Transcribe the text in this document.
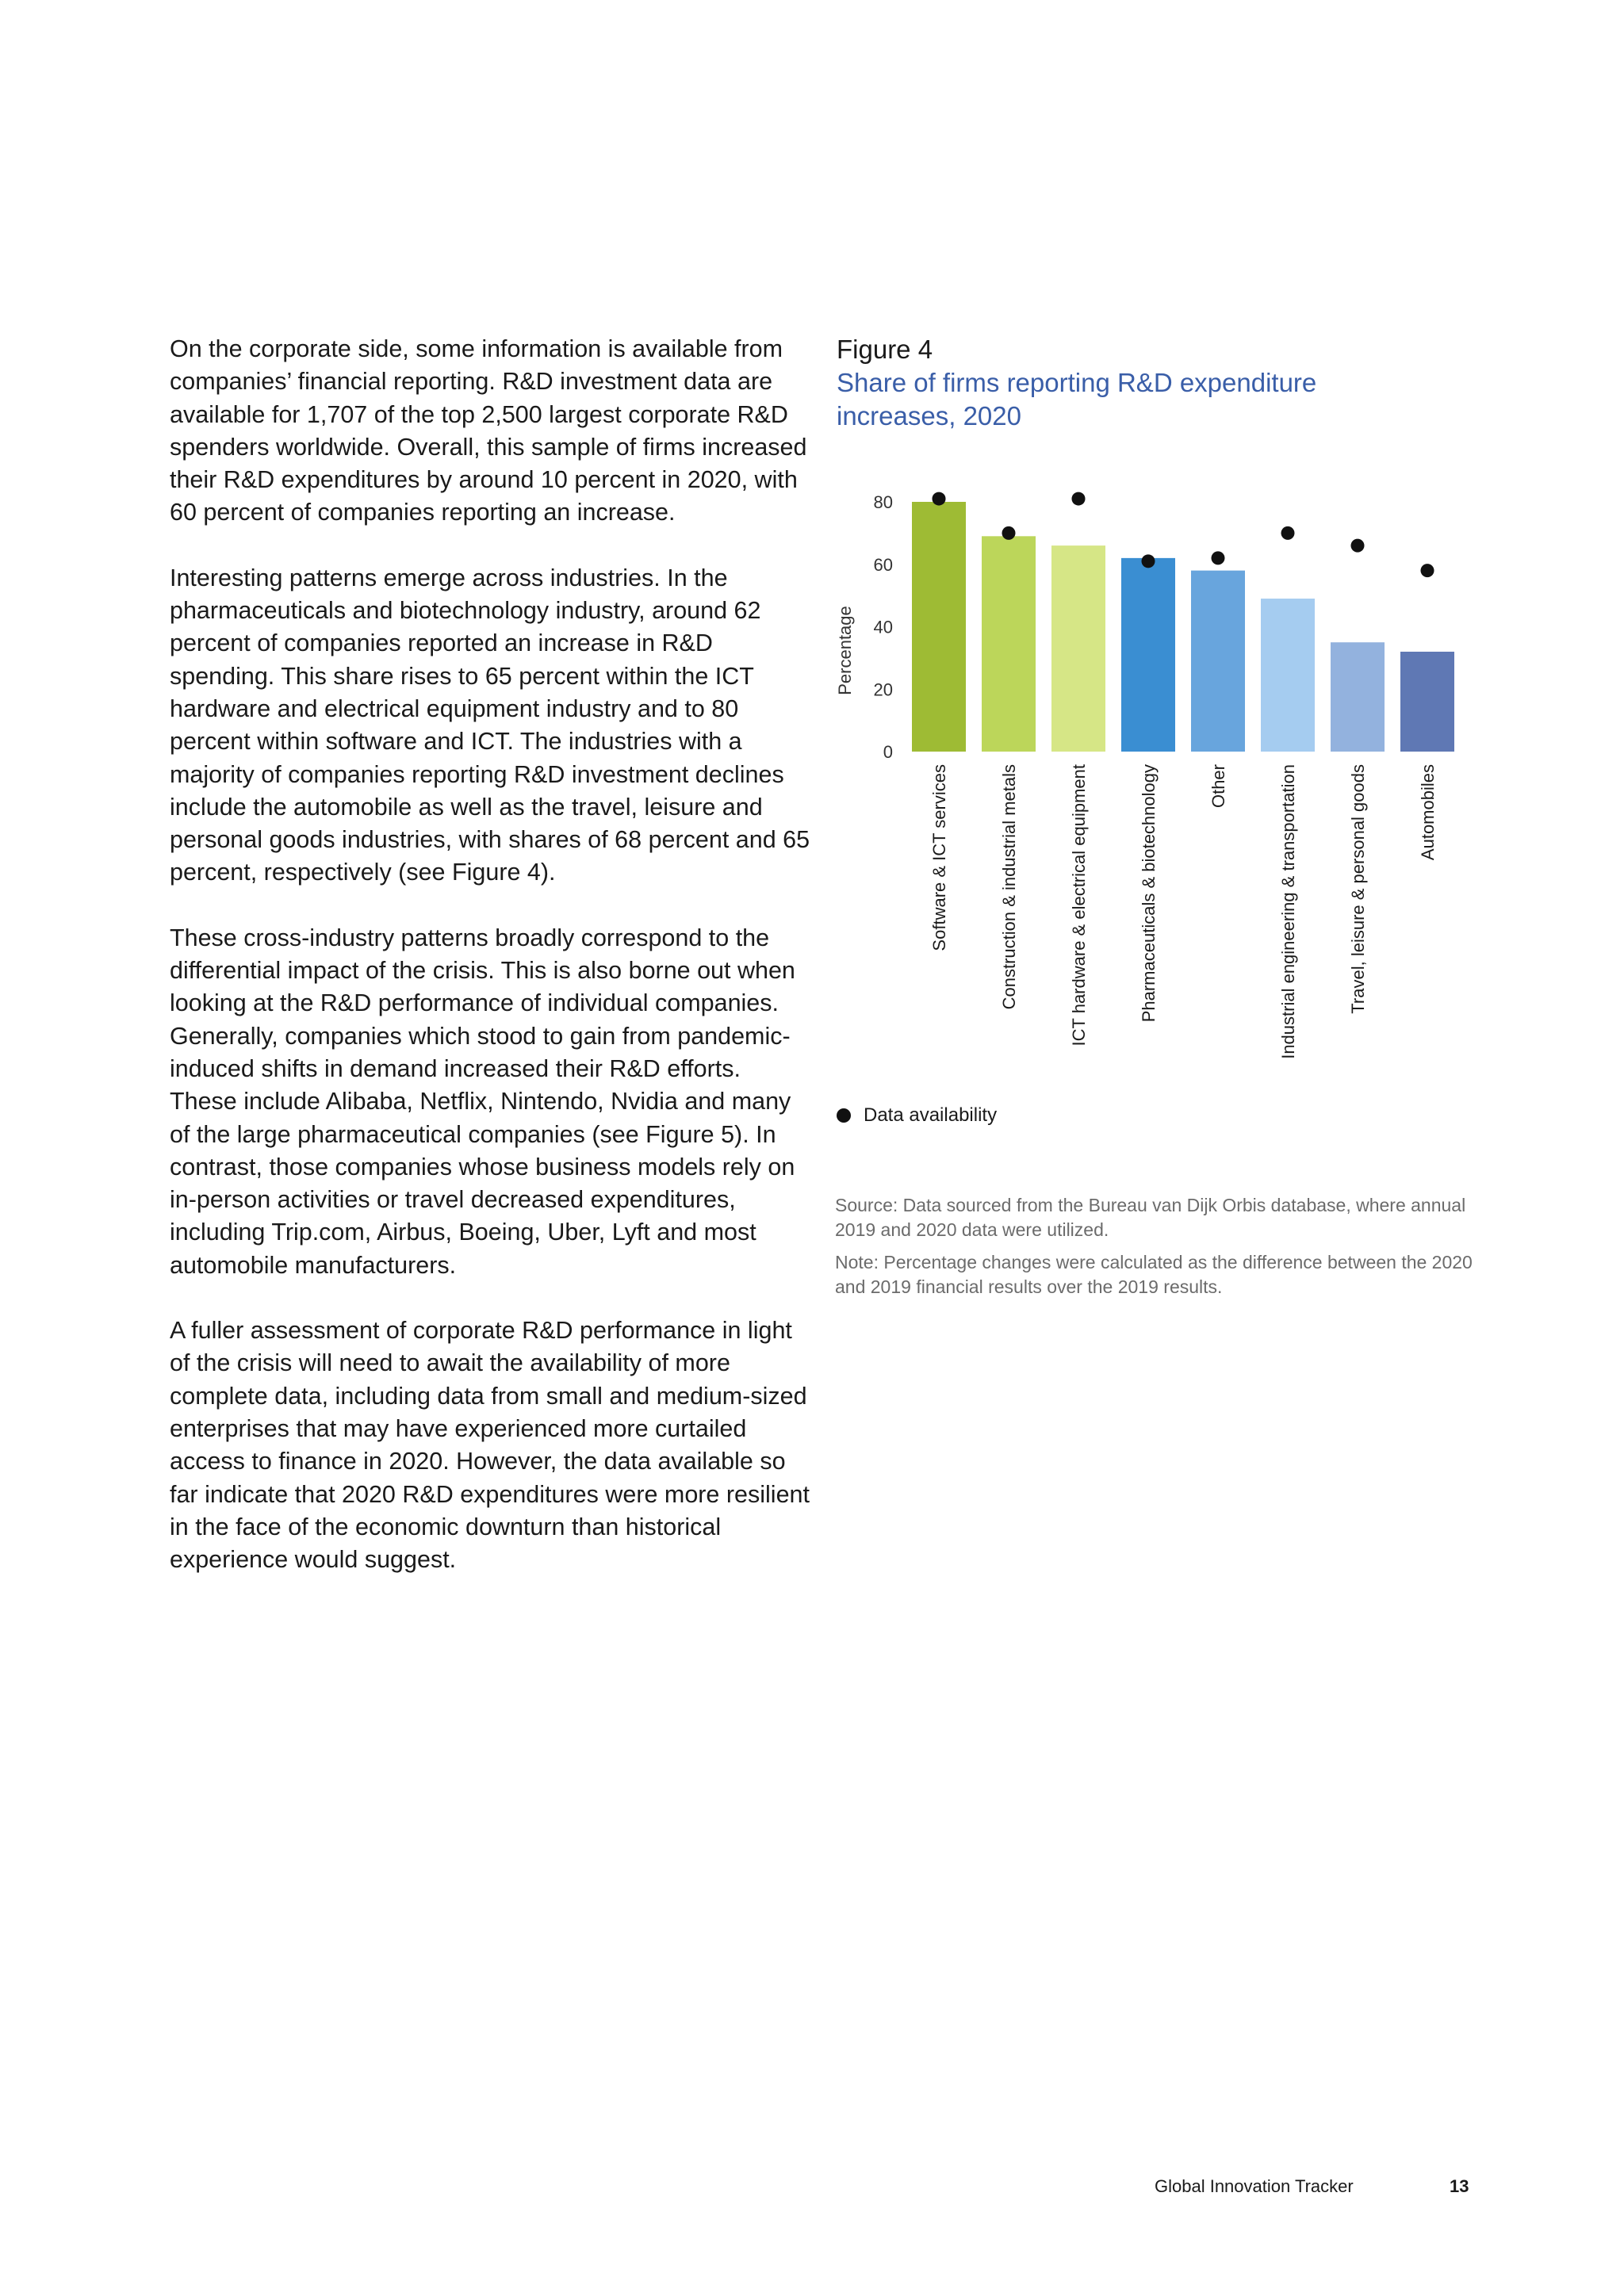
On the corporate side, some information is available from companies’ financial reporting. R&D investment data are available for 1,707 of the top 2,500 largest corporate R&D spenders worldwide. Overall, this sample of firms increased their R&D expenditures by around 10 percent in 2020, with 60 percent of companies reporting an increase.

Interesting patterns emerge across industries. In the pharmaceuticals and biotechnology industry, around 62 percent of companies reported an increase in R&D spending. This share rises to 65 percent within the ICT hardware and electrical equipment industry and to 80 percent within software and ICT. The industries with a majority of companies reporting R&D investment declines include the automobile as well as the travel, leisure and personal goods industries, with shares of 68 percent and 65 percent, respectively (see Figure 4).

These cross-industry patterns broadly correspond to the differential impact of the crisis. This is also borne out when looking at the R&D performance of individual companies. Generally, companies which stood to gain from pandemic-induced shifts in demand increased their R&D efforts. These include Alibaba, Netflix, Nintendo, Nvidia and many of the large pharmaceutical companies (see Figure 5). In contrast, those companies whose business models rely on in-person activities or travel decreased expenditures, including Trip.com, Airbus, Boeing, Uber, Lyft and most automobile manufacturers.

A fuller assessment of corporate R&D performance in light of the crisis will need to await the availability of more complete data, including data from small and medium-sized enterprises that may have experienced more curtailed access to finance in 2020. However, the data available so far indicate that 2020 R&D expenditures were more resilient in the face of the economic downturn than historical experience would suggest.

Figure 4
Share of firms reporting R&D expenditure increases, 2020
0
20
40
60
80
Percentage
Software & ICT services	Construction & industrial metals	ICT hardware & electrical equipment	Pharmaceuticals & biotechnology	Other	Industrial engineering & transportation	Travel, leisure & personal goods	Automobiles
Data availability
Source: Data sourced from the Bureau van Dijk Orbis database, where annual 2019 and 2020 data were utilized.
Note: Percentage changes were calculated as the difference between the 2020 and 2019 financial results over the 2019 results.
Global Innovation Tracker	13
